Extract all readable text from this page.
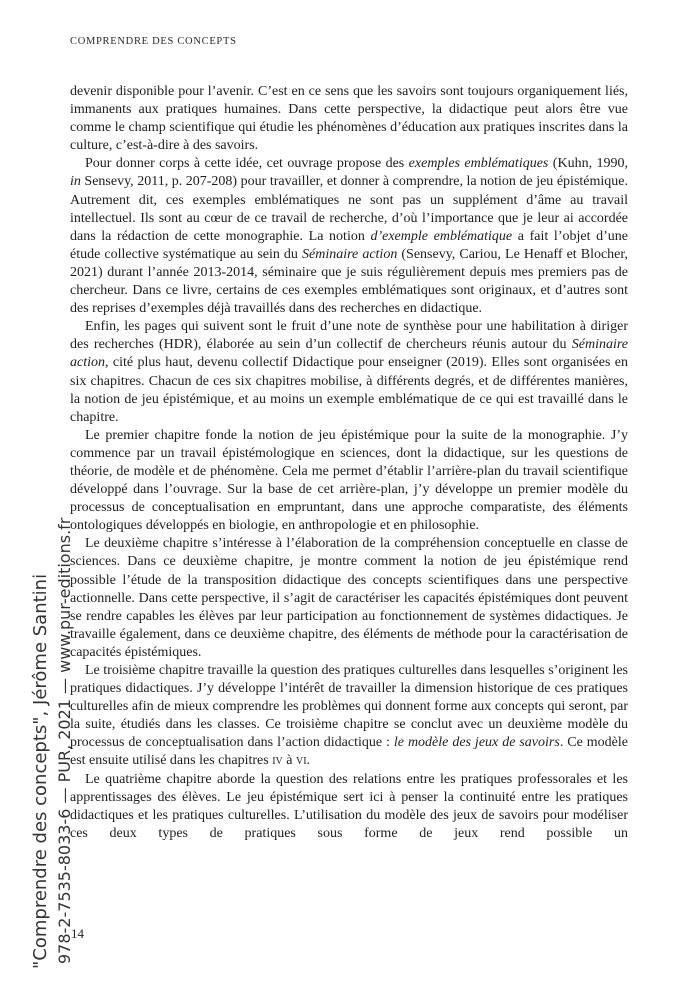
COMPRENDRE DES CONCEPTS
"Comprendre des concepts", Jérôme Santini 978-2-7535-8033-6 — PUR, 2021 — www.pur-editions.fr

devenir disponible pour l’avenir. C’est en ce sens que les savoirs sont toujours organiquement liés, immanents aux pratiques humaines. Dans cette perspective, la didactique peut alors être vue comme le champ scientifique qui étudie les phénomènes d’éducation aux pratiques inscrites dans la culture, c’est-à-dire à des savoirs.

Pour donner corps à cette idée, cet ouvrage propose des exemples emblématiques (Kuhn, 1990, in Sensevy, 2011, p. 207-208) pour travailler, et donner à comprendre, la notion de jeu épistémique. Autrement dit, ces exemples emblématiques ne sont pas un supplément d’âme au travail intellectuel. Ils sont au cœur de ce travail de recherche, d’où l’importance que je leur ai accordée dans la rédaction de cette monographie. La notion d’exemple emblématique a fait l’objet d’une étude collective systématique au sein du Séminaire action (Sensevy, Cariou, Le Henaff et Blocher, 2021) durant l’année 2013-2014, séminaire que je suis régulièrement depuis mes premiers pas de chercheur. Dans ce livre, certains de ces exemples emblématiques sont originaux, et d’autres sont des reprises d’exemples déjà travaillés dans des recherches en didactique.

Enfin, les pages qui suivent sont le fruit d’une note de synthèse pour une habilitation à diriger des recherches (HDR), élaborée au sein d’un collectif de chercheurs réunis autour du Séminaire action, cité plus haut, devenu collectif Didactique pour enseigner (2019). Elles sont organisées en six chapitres. Chacun de ces six chapitres mobilise, à différents degrés, et de différentes manières, la notion de jeu épistémique, et au moins un exemple emblématique de ce qui est travaillé dans le chapitre.

Le premier chapitre fonde la notion de jeu épistémique pour la suite de la monographie. J’y commence par un travail épistémologique en sciences, dont la didactique, sur les questions de théorie, de modèle et de phénomène. Cela me permet d’établir l’arrière-plan du travail scientifique développé dans l’ouvrage. Sur la base de cet arrière-plan, j’y développe un premier modèle du processus de conceptualisation en empruntant, dans une approche comparatiste, des éléments ontologiques développés en biologie, en anthropologie et en philosophie.

Le deuxième chapitre s’intéresse à l’élaboration de la compréhension conceptuelle en classe de sciences. Dans ce deuxième chapitre, je montre comment la notion de jeu épistémique rend possible l’étude de la transposition didactique des concepts scientifiques dans une perspective actionnelle. Dans cette perspective, il s’agit de caractériser les capacités épistémiques dont peuvent se rendre capables les élèves par leur participation au fonctionnement de systèmes didactiques. Je travaille également, dans ce deuxième chapitre, des éléments de méthode pour la caractérisation de capacités épistémiques.

Le troisième chapitre travaille la question des pratiques culturelles dans lesquelles s’originent les pratiques didactiques. J’y développe l’intérêt de travailler la dimension historique de ces pratiques culturelles afin de mieux comprendre les problèmes qui donnent forme aux concepts qui seront, par la suite, étudiés dans les classes. Ce troisième chapitre se conclut avec un deuxième modèle du processus de conceptualisation dans l’action didactique : le modèle des jeux de savoirs. Ce modèle est ensuite utilisé dans les chapitres iv à vi.

Le quatrième chapitre aborde la question des relations entre les pratiques professorales et les apprentissages des élèves. Le jeu épistémique sert ici à penser la continuité entre les pratiques didactiques et les pratiques culturelles. L’utilisation du modèle des jeux de savoirs pour modéliser ces deux types de pratiques sous forme de jeux rend possible un

14
